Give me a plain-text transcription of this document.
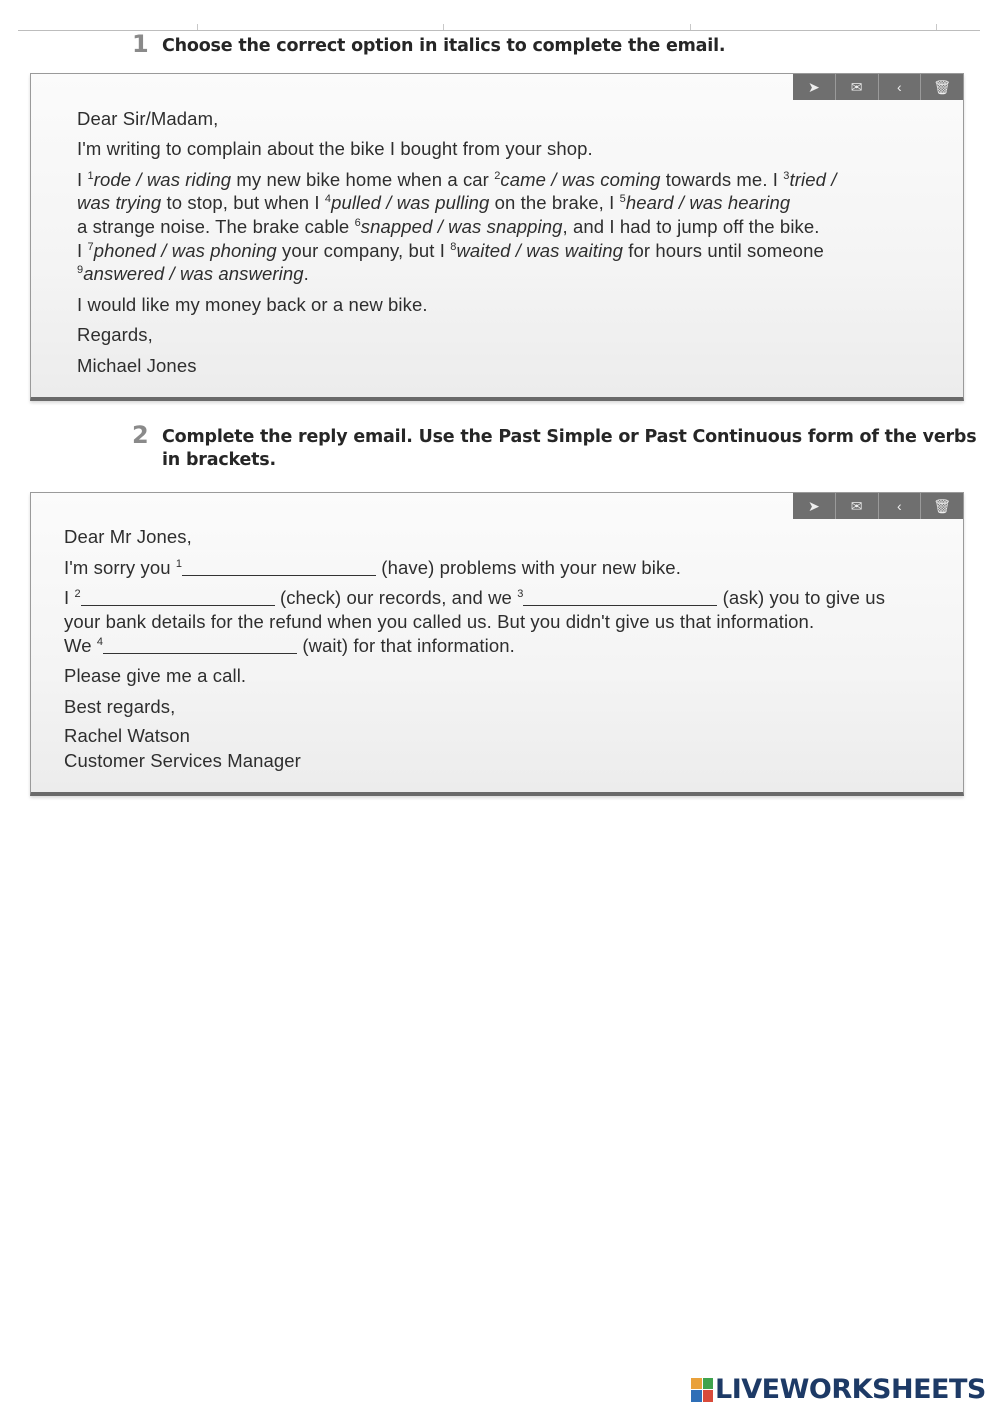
1 Choose the correct option in italics to complete the email.
➤	✉	‹	🗑
Dear Sir/Madam,
I'm writing to complain about the bike I bought from your shop.
I $^1$rode / was riding my new bike home when a car $^2$came / was coming towards me. I $^3$tried /
was trying to stop, but when I $^4$pulled / was pulling on the brake, I $^5$heard / was hearing
a strange noise. The brake cable $^6$snapped / was snapping, and I had to jump off the bike.
I $^7$phoned / was phoning your company, but I $^8$waited / was waiting for hours until someone
$^9$answered / was answering.
I would like my money back or a new bike.
Regards,
Michael Jones
2 Complete the reply email. Use the Past Simple or Past Continuous form of the verbs
in brackets.
➤	✉	‹	🗑
Dear Mr Jones,
I'm sorry you $^1$	(have) problems with your new bike.
I $^2$	(check) our records, and we $^3$	(ask) you to give us
your bank details for the refund when you called us. But you didn't give us that information.
We $^4$	(wait) for that information.
Please give me a call.
Best regards,
Rachel Watson
Customer Services Manager
LIVEWORKSHEETS
